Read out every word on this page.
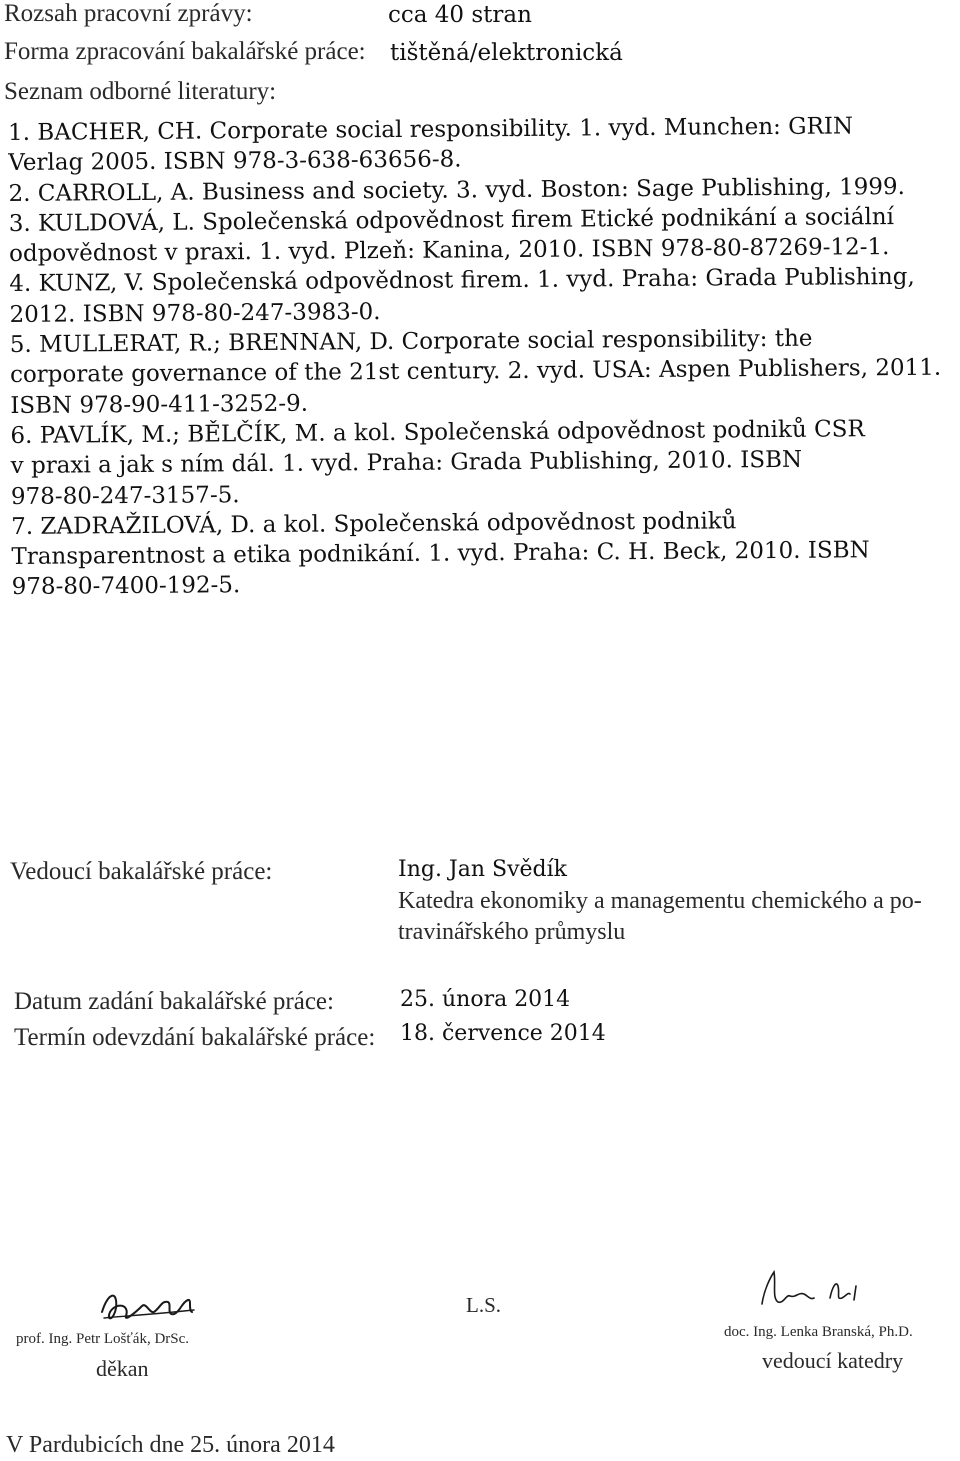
Rozsah pracovní zprávy:	cca 40 stran
Forma zpracování bakalářské práce: tištěná/elektronická
Seznam odborné literatury:
1. BACHER, CH. Corporate social responsibility. 1. vyd. Munchen: GRIN
Verlag 2005. ISBN 978-3-638-63656-8.
2. CARROLL, A. Business and society. 3. vyd. Boston: Sage Publishing, 1999.
3. KULDOVÁ, L. Společenská odpovědnost firem Etické podnikání a sociální
odpovědnost v praxi. 1. vyd. Plzeň: Kanina, 2010. ISBN 978-80-87269-12-1.
4. KUNZ, V. Společenská odpovědnost firem. 1. vyd. Praha: Grada Publishing,
2012. ISBN 978-80-247-3983-0.
5. MULLERAT, R.; BRENNAN, D. Corporate social responsibility: the
corporate governance of the 21st century. 2. vyd. USA: Aspen Publishers, 2011.
ISBN 978-90-411-3252-9.
6. PAVLÍK, M.; BĚLČÍK, M. a kol. Společenská odpovědnost podniků CSR
v praxi a jak s ním dál. 1. vyd. Praha: Grada Publishing, 2010. ISBN
978-80-247-3157-5.
7. ZADRAŽILOVÁ, D. a kol. Společenská odpovědnost podniků
Transparentnost a etika podnikání. 1. vyd. Praha: C. H. Beck, 2010. ISBN
978-80-7400-192-5.
Vedoucí bakalářské práce:	Ing. Jan Svědík
Katedra ekonomiky a managementu chemického a po-
travinářského průmyslu
Datum zadání bakalářské práce:	25. února 2014
Termín odevzdání bakalářské práce: 18. července 2014
prof. Ing. Petr Lošťák, DrSc.
děkan
L.S.
doc. Ing. Lenka Branská, Ph.D.
vedoucí katedry
V Pardubicích dne 25. února 2014
